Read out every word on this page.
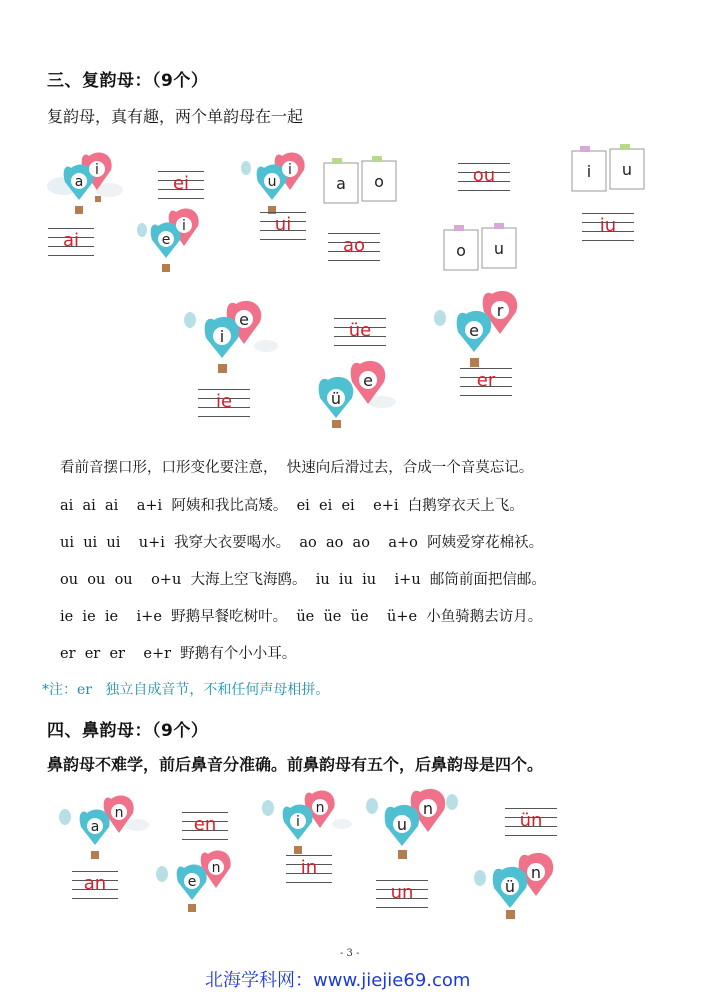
三、复韵母：（9个）
复韵母，真有趣，两个单韵母在一起
i
a
i
e
i
u
e
i
r
e
e
ü
a o
o u
i u
ai
ei
ui
ao
ou
iu
üe
ie
er
看前音摆口形，口形变化要注意，  快速向后滑过去，合成一个音莫忘记。
ai  ai  ai    a+i  阿姨和我比高矮。  ei  ei  ei    e+i  白鹅穿衣天上飞。
ui  ui  ui    u+i  我穿大衣要喝水。  ao  ao  ao    a+o  阿姨爱穿花棉袄。
ou  ou  ou    o+u  大海上空飞海鸥。  iu  iu  iu    i+u  邮筒前面把信邮。
ie  ie  ie    i+e  野鹅早餐吃树叶。  üe  üe  üe    ü+e  小鱼骑鹅去访月。
er  er  er    e+r  野鹅有个小小耳。
*注：er   独立自成音节，不和任何声母相拼。
四、鼻韵母：（9个）
鼻韵母不难学，前后鼻音分准确。前鼻韵母有五个，后鼻韵母是四个。
n
a
n
e
n
i
n
u
n
ü
en
an
in
un
ün
- 3 -
北海学科网：www.jiejie69.com
